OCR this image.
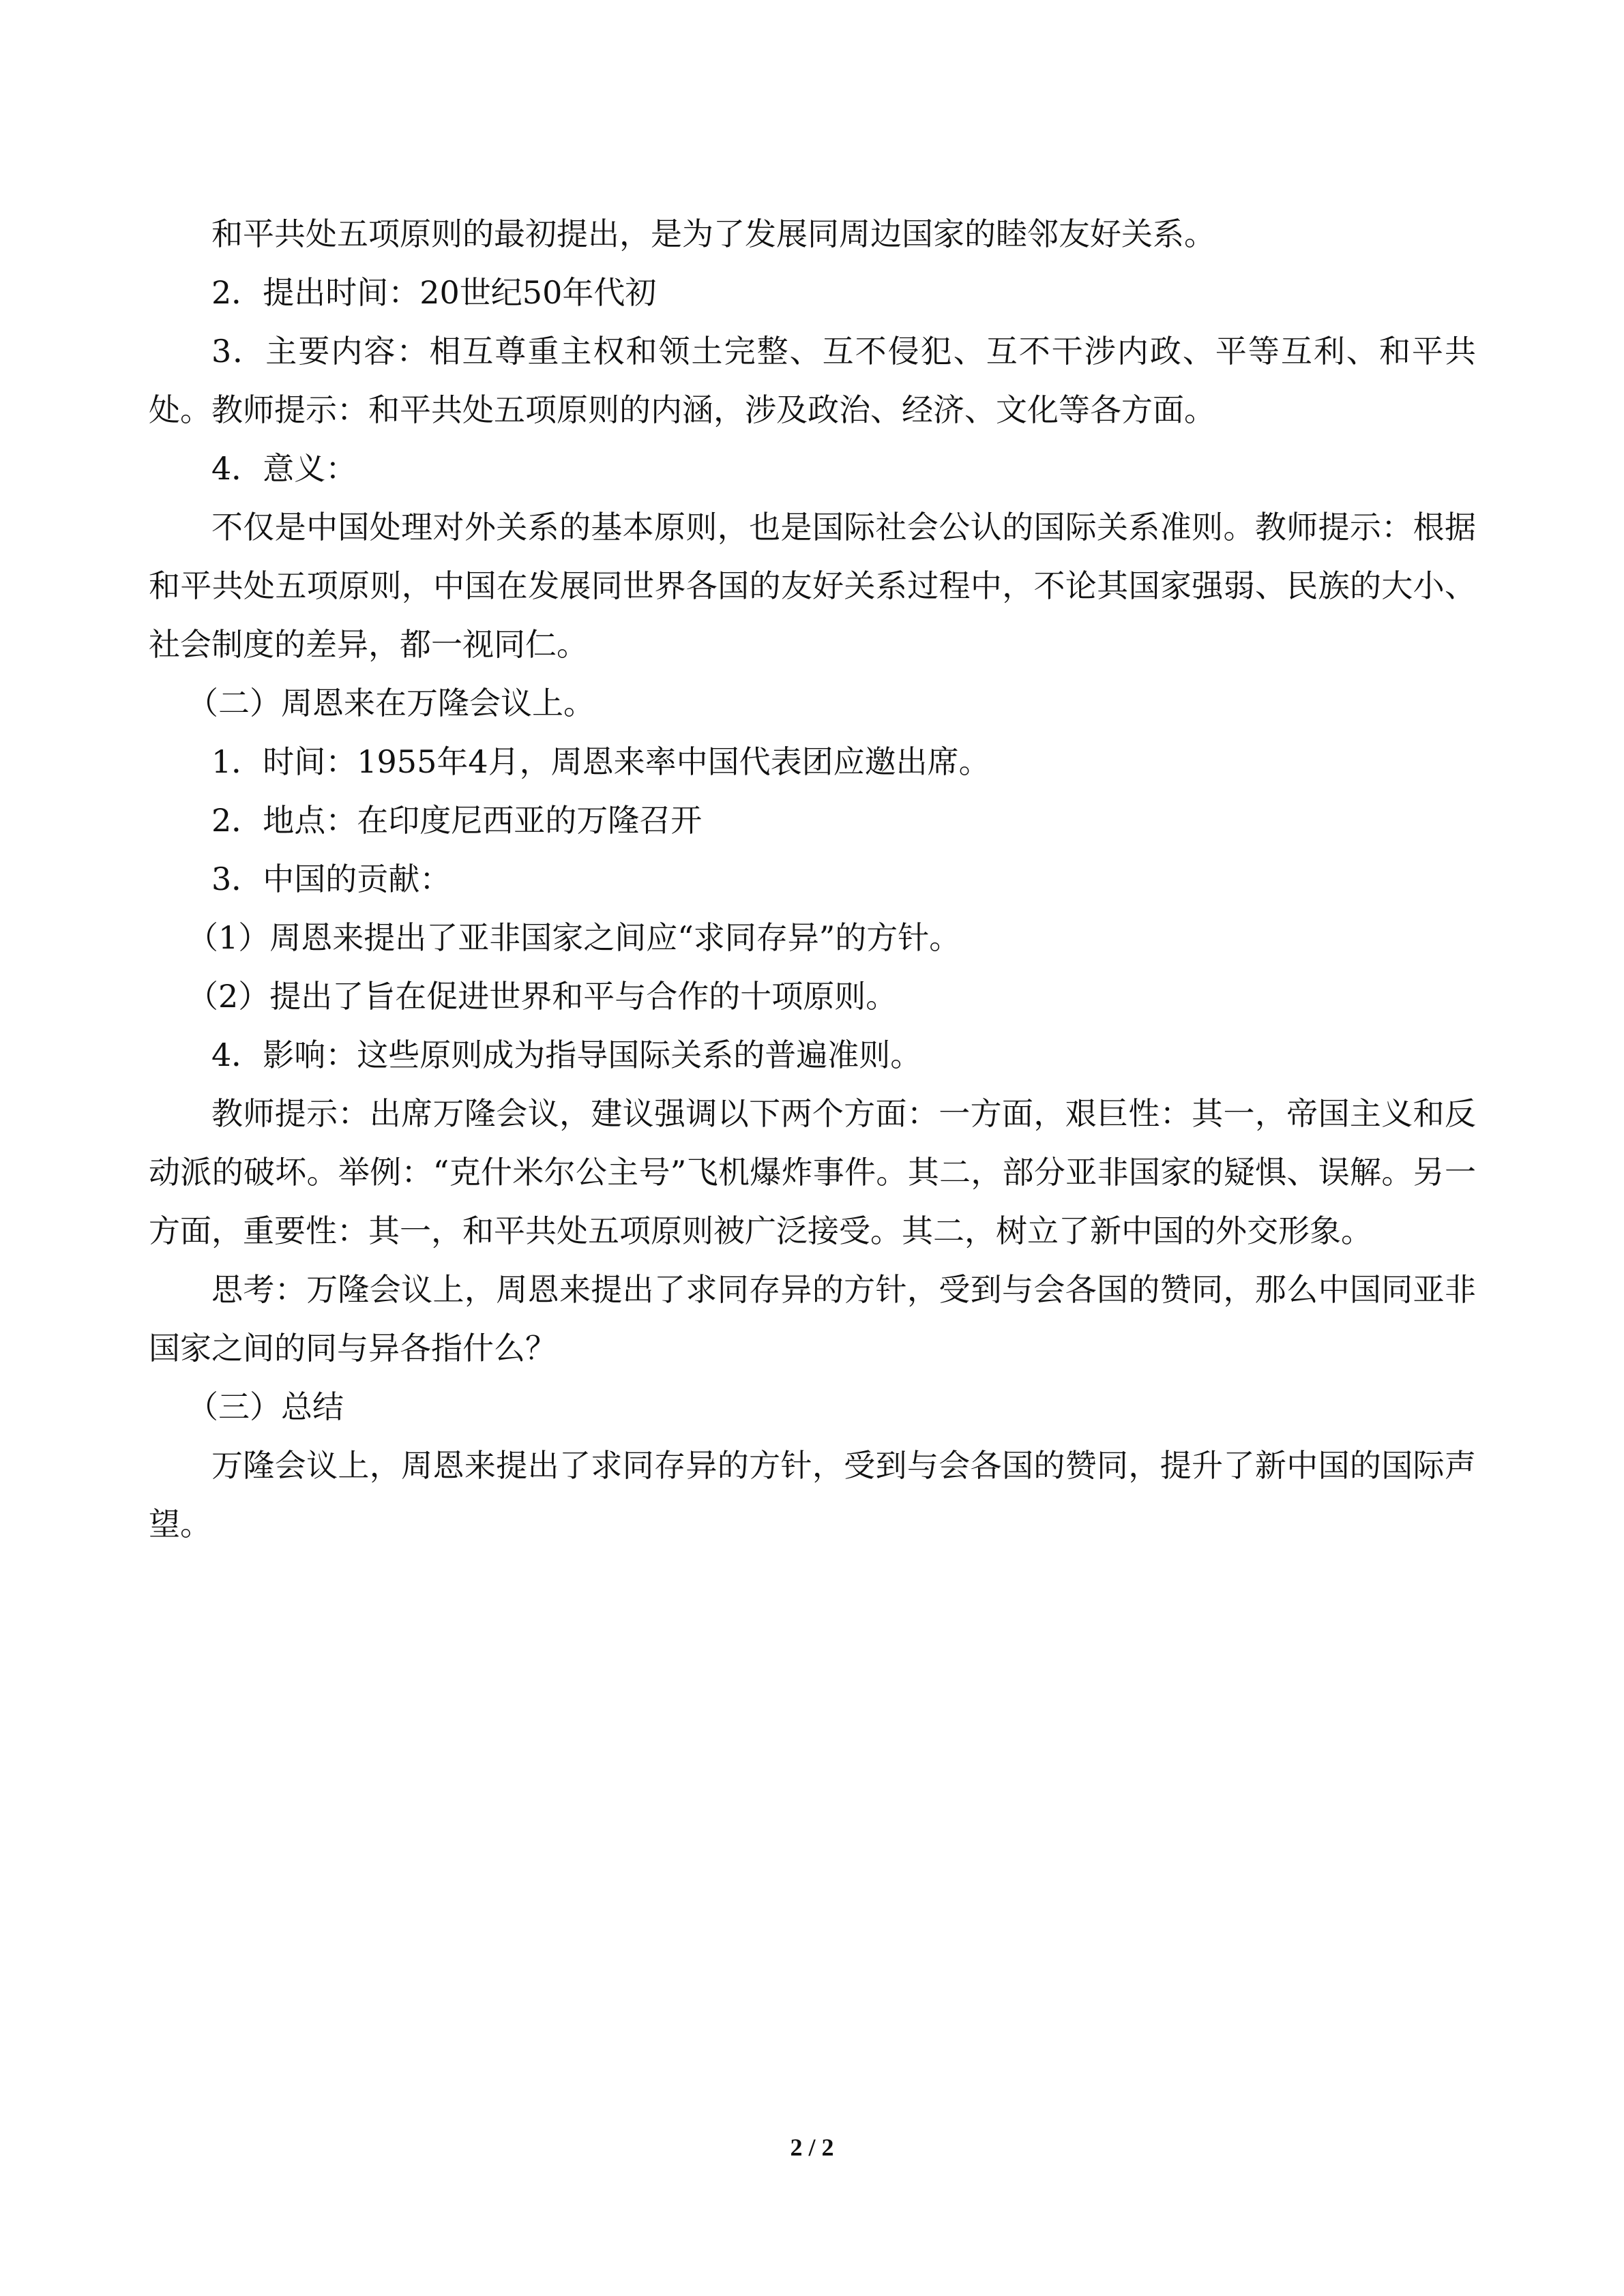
和平共处五项原则的最初提出，是为了发展同周边国家的睦邻友好关系。

2．提出时间：20世纪50年代初

3．主要内容：相互尊重主权和领土完整、互不侵犯、互不干涉内政、平等互利、和平共处。教师提示：和平共处五项原则的内涵，涉及政治、经济、文化等各方面。

4．意义：

不仅是中国处理对外关系的基本原则，也是国际社会公认的国际关系准则。教师提示：根据和平共处五项原则，中国在发展同世界各国的友好关系过程中，不论其国家强弱、民族的大小、社会制度的差异，都一视同仁。

（二）周恩来在万隆会议上。

1．时间：1955年4月，周恩来率中国代表团应邀出席。

2．地点：在印度尼西亚的万隆召开

3．中国的贡献：

（1）周恩来提出了亚非国家之间应“求同存异”的方针。

（2）提出了旨在促进世界和平与合作的十项原则。

4．影响：这些原则成为指导国际关系的普遍准则。

教师提示：出席万隆会议，建议强调以下两个方面：一方面，艰巨性：其一，帝国主义和反动派的破坏。举例：“克什米尔公主号”飞机爆炸事件。其二，部分亚非国家的疑惧、误解。另一方面，重要性：其一，和平共处五项原则被广泛接受。其二，树立了新中国的外交形象。

思考：万隆会议上，周恩来提出了求同存异的方针，受到与会各国的赞同，那么中国同亚非国家之间的同与异各指什么？

（三）总结

万隆会议上，周恩来提出了求同存异的方针，受到与会各国的赞同，提升了新中国的国际声望。

2 / 2
